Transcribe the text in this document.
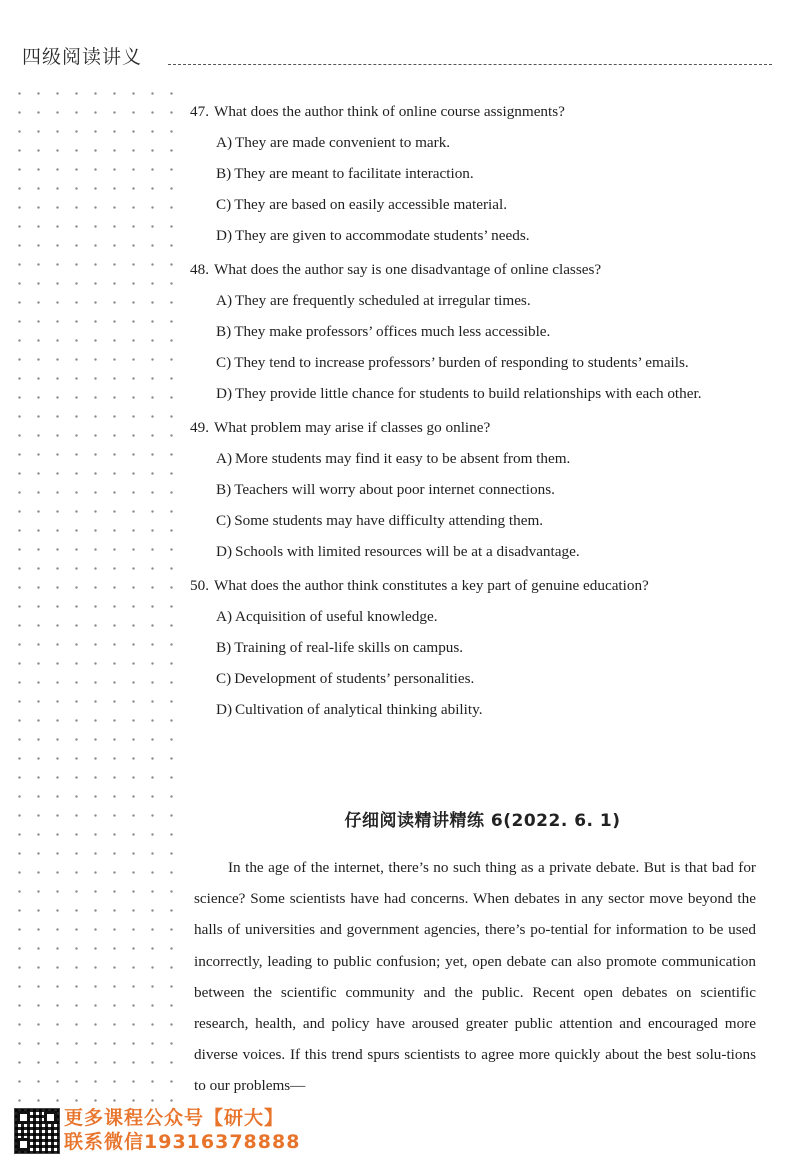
四级阅读讲义
47. What does the author think of online course assignments?
A) They are made convenient to mark.
B) They are meant to facilitate interaction.
C) They are based on easily accessible material.
D) They are given to accommodate students’ needs.
48. What does the author say is one disadvantage of online classes?
A) They are frequently scheduled at irregular times.
B) They make professors’ offices much less accessible.
C) They tend to increase professors’ burden of responding to students’ emails.
D) They provide little chance for students to build relationships with each other.
49. What problem may arise if classes go online?
A) More students may find it easy to be absent from them.
B) Teachers will worry about poor internet connections.
C) Some students may have difficulty attending them.
D) Schools with limited resources will be at a disadvantage.
50. What does the author think constitutes a key part of genuine education?
A) Acquisition of useful knowledge.
B) Training of real-life skills on campus.
C) Development of students’ personalities.
D) Cultivation of analytical thinking ability.
仔细阅读精讲精练 6(2022. 6. 1)

In the age of the internet, there’s no such thing as a private debate. But is that bad for science? Some scientists have had concerns. When debates in any sector move beyond the halls of universities and government agencies, there’s po-tential for information to be used incorrectly, leading to public confusion; yet, open debate can also promote communication between the scientific community and the public. Recent open debates on scientific research, health, and policy have aroused greater public attention and encouraged more diverse voices. If this trend spurs scientists to agree more quickly about the best solu-tions to our problems—

更多课程公众号【研大】
联系微信19316378888
